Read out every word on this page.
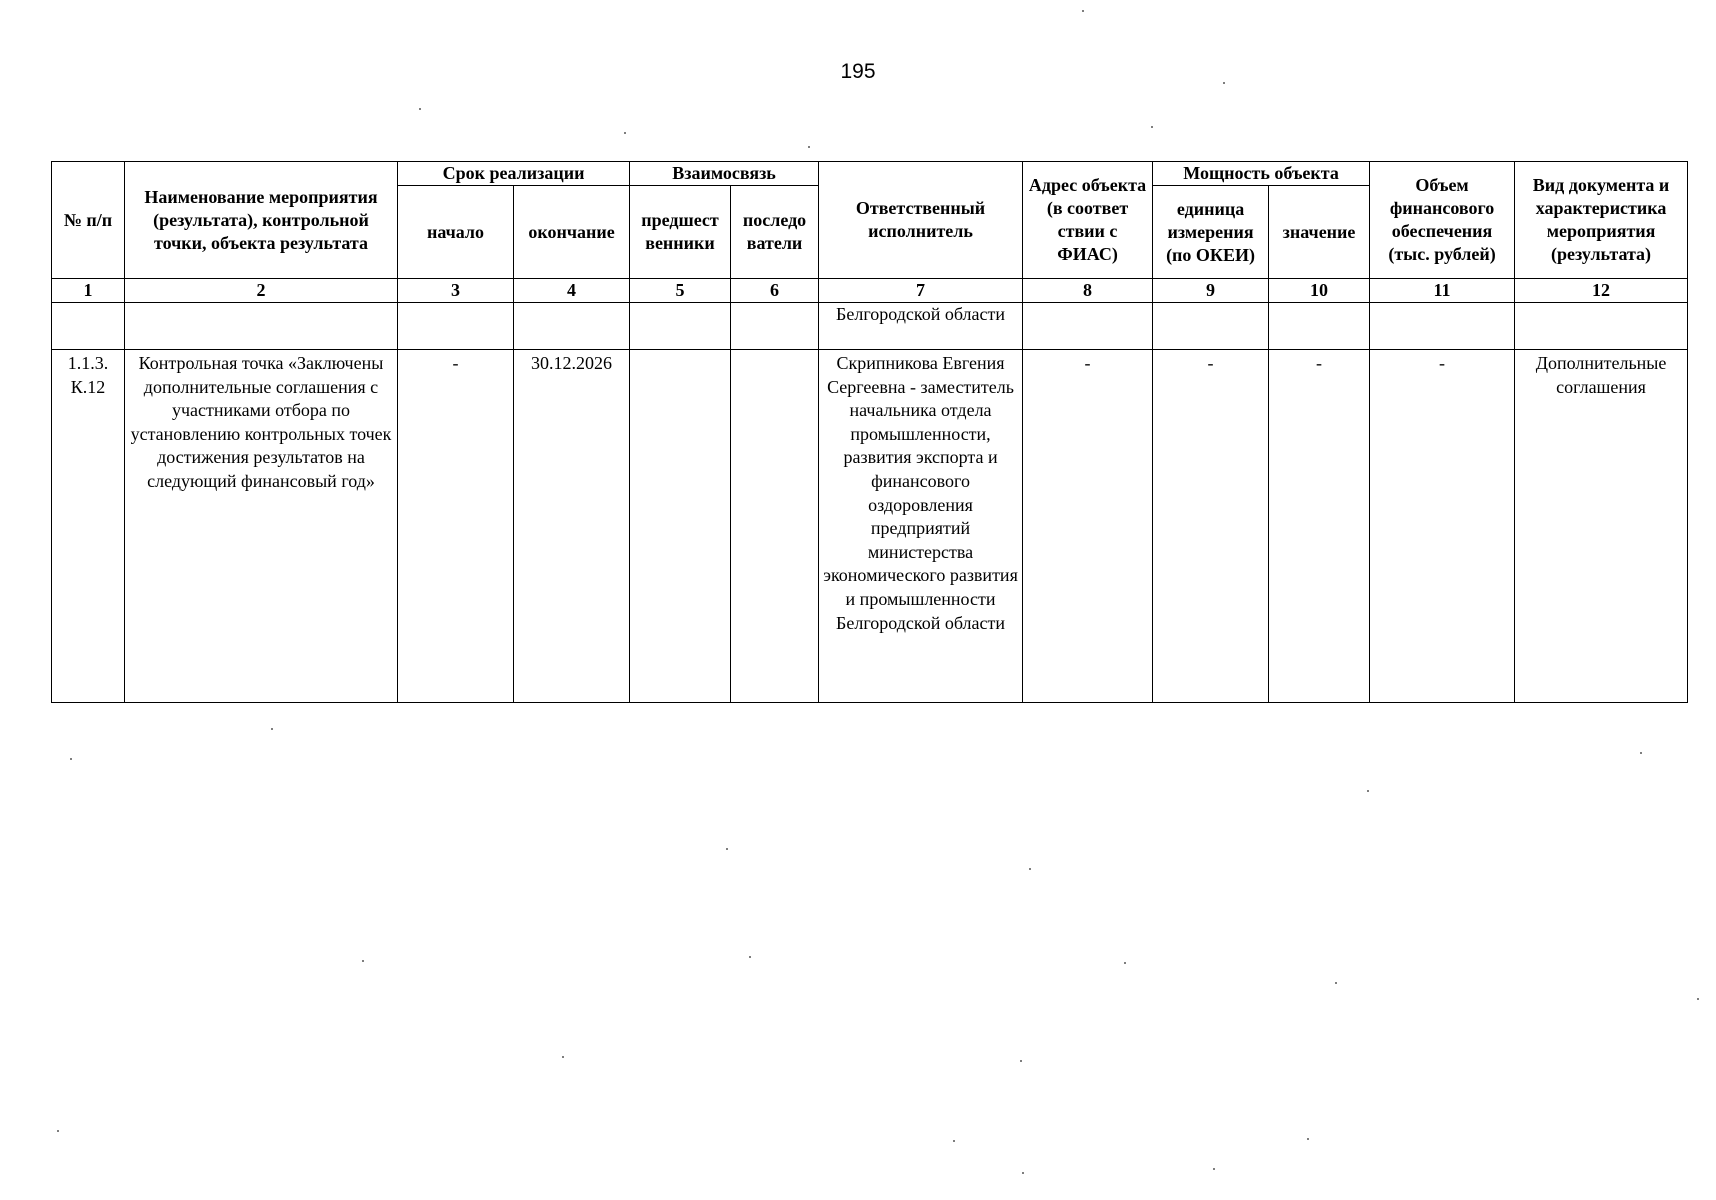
195
№ п/п	Наименование мероприятия (результата), контрольной точки, объекта результата	Срок реализации		Взаимосвязь		Ответственный исполнитель	Адрес объекта (в соответ ствии с ФИАС)	Мощность объекта		Объем финансового обеспечения (тыс. рублей)	Вид документа и характеристика мероприятия (результата)
		начало	окончание	предшест венники	последо ватели			единица измерения (по ОКЕИ)	значение		
1	2	3	4	5	6	7	8	9	10	11	12
						Белгородской области					
1.1.3. К.12	Контрольная точка «Заключены дополнительные соглашения с участниками отбора по установлению контрольных точек достижения результатов на следующий финансовый год»	-	30.12.2026			Скрипникова Евгения Сергеевна - заместитель начальника отдела промышленности, развития экспорта и финансового оздоровления предприятий министерства экономического развития и промышленности Белгородской области	-	-	-	-	Дополнительные соглашения
